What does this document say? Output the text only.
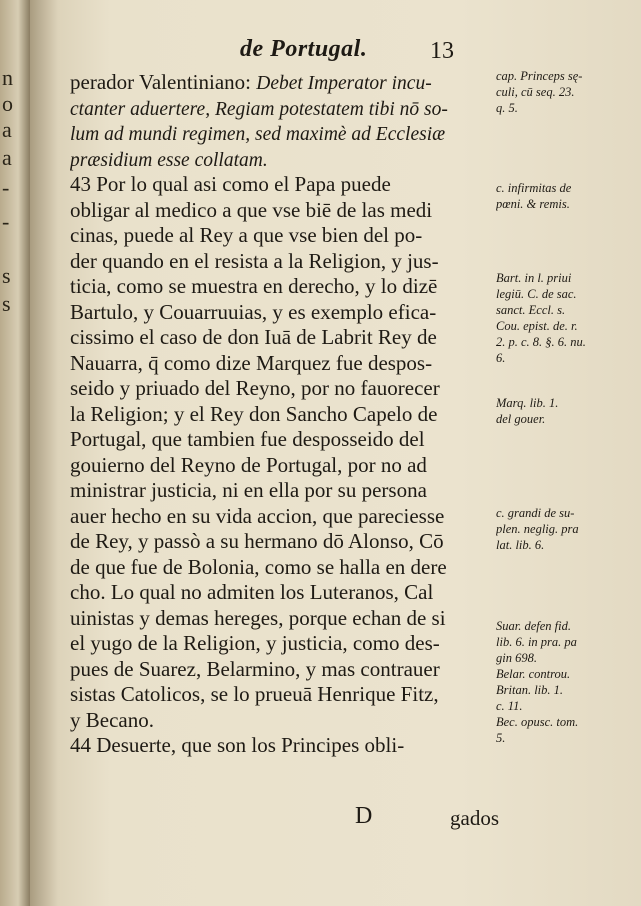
n
o
a
a
-
-
s
s
de Portugal.	13
perador Valentiniano: Debet Imperator incu-
ctanter aduertere, Regiam potestatem tibi nō so-
lum ad mundi regimen, sed maximè ad Ecclesiæ
præsidium esse collatam.
43 Por lo qual asi como el Papa puede
obligar al medico a que vse biē de las medi
cinas, puede al Rey a que vse bien del po-
der quando en el resista a la Religion, y jus-
ticia, como se muestra en derecho, y lo dizē
Bartulo, y Couarruuias, y es exemplo efica-
cissimo el caso de don Iuā de Labrit Rey de
Nauarra, q̄ como dize Marquez fue despos-
seido y priuado del Reyno, por no fauorecer
la Religion; y el Rey don Sancho Capelo de
Portugal, que tambien fue desposseido del
gouierno del Reyno de Portugal, por no ad
ministrar justicia, ni en ella por su persona
auer hecho en su vida accion, que pareciesse
de Rey, y passò a su hermano dō Alonso, Cō
de que fue de Bolonia, como se halla en dere
cho. Lo qual no admiten los Luteranos, Cal
uinistas y demas hereges, porque echan de si
el yugo de la Religion, y justicia, como des-
pues de Suarez, Belarmino, y mas contrauer
sistas Catolicos, se lo prueuā Henrique Fitz,
y Becano.
44 Desuerte, que son los Principes obli-
cap. Princeps sę-
culi, cū seq. 23.
q. 5.
c. infirmitas de
pœni. & remis.
Bart. in l. priui
legiū. C. de sac.
sanct. Eccl. s.
Cou. epist. de. r.
2. p. c. 8. §. 6. nu.
6.
Marq. lib. 1.
del gouer.
c. grandi de su-
plen. neglig. pra
lat. lib. 6.
Suar. defen fid.
lib. 6. in pra. pa
gin 698.
Belar. controu.
Britan. lib. 1.
c. 11.
Bec. opusc. tom.
5.
D	gados
